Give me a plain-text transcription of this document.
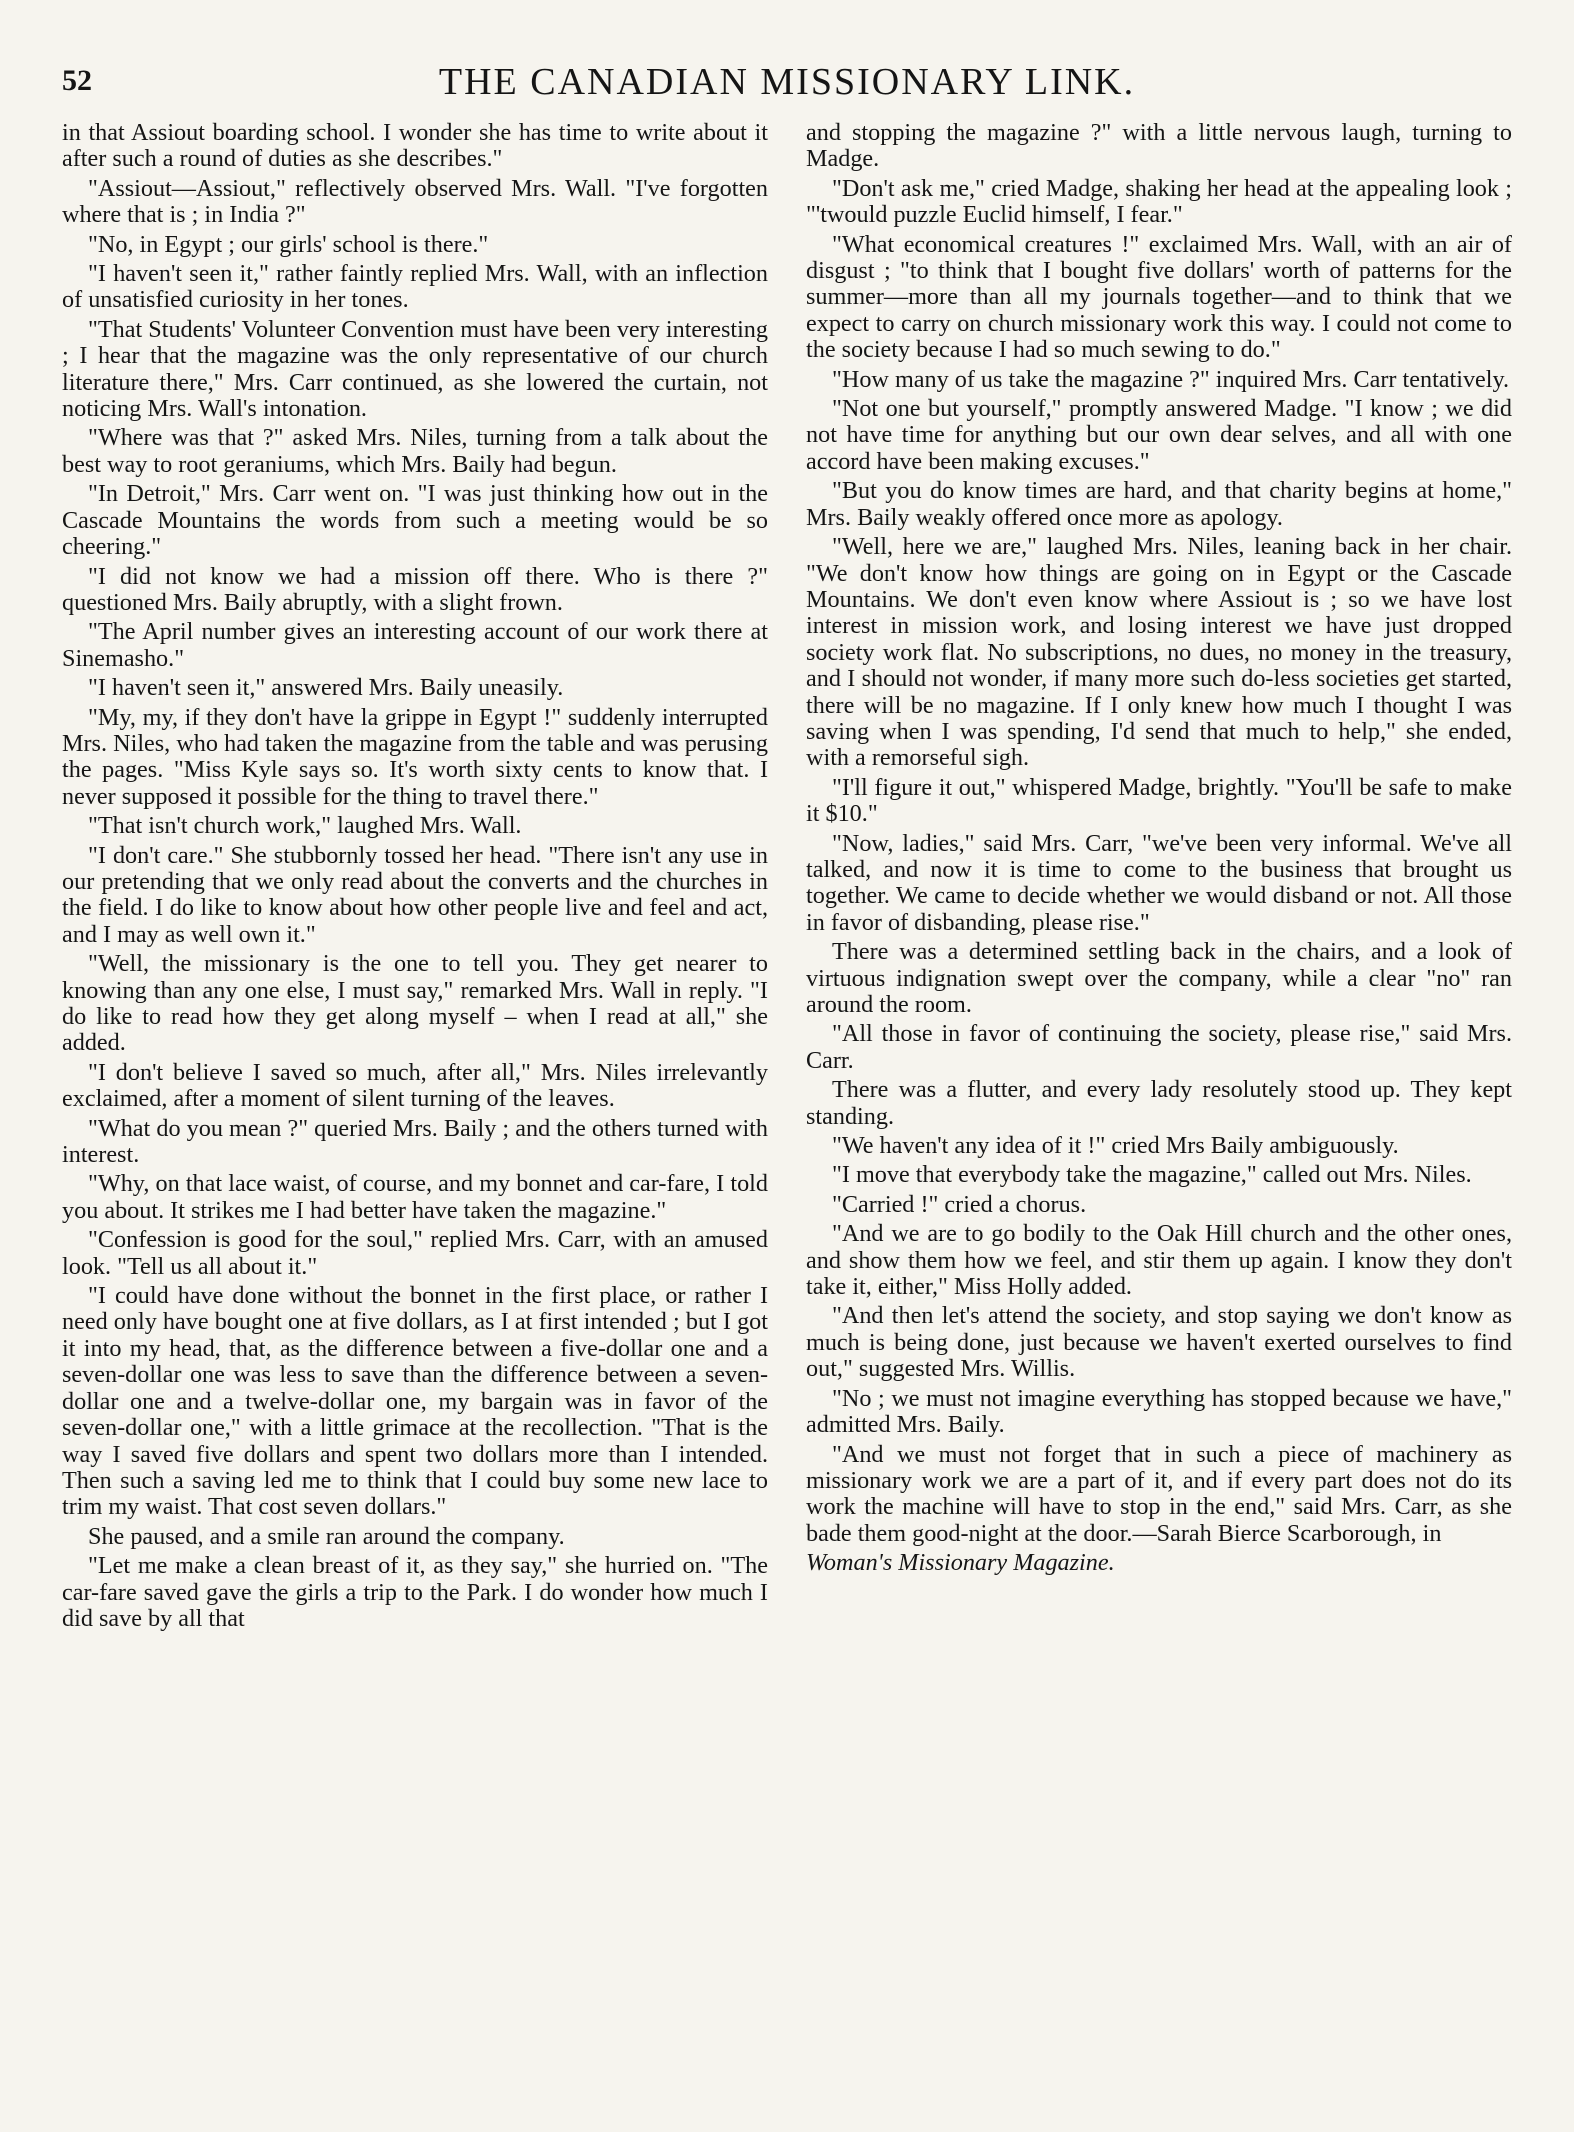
52	THE CANADIAN MISSIONARY LINK.

in that Assiout boarding school. I wonder she has time to write about it after such a round of duties as she describes."

"Assiout—Assiout," reflectively observed Mrs. Wall. "I've forgotten where that is ; in India ?"

"No, in Egypt ; our girls' school is there."

"I haven't seen it," rather faintly replied Mrs. Wall, with an inflection of unsatisfied curiosity in her tones.

"That Students' Volunteer Convention must have been very interesting ; I hear that the magazine was the only representative of our church literature there," Mrs. Carr continued, as she lowered the curtain, not noticing Mrs. Wall's intonation.

"Where was that ?" asked Mrs. Niles, turning from a talk about the best way to root geraniums, which Mrs. Baily had begun.

"In Detroit," Mrs. Carr went on. "I was just thinking how out in the Cascade Mountains the words from such a meeting would be so cheering."

"I did not know we had a mission off there. Who is there ?" questioned Mrs. Baily abruptly, with a slight frown.

"The April number gives an interesting account of our work there at Sinemasho."

"I haven't seen it," answered Mrs. Baily uneasily.

"My, my, if they don't have la grippe in Egypt !" suddenly interrupted Mrs. Niles, who had taken the magazine from the table and was perusing the pages. "Miss Kyle says so. It's worth sixty cents to know that. I never supposed it possible for the thing to travel there."

"That isn't church work," laughed Mrs. Wall.

"I don't care." She stubbornly tossed her head. "There isn't any use in our pretending that we only read about the converts and the churches in the field. I do like to know about how other people live and feel and act, and I may as well own it."

"Well, the missionary is the one to tell you. They get nearer to knowing than any one else, I must say," remarked Mrs. Wall in reply. "I do like to read how they get along myself – when I read at all," she added.

"I don't believe I saved so much, after all," Mrs. Niles irrelevantly exclaimed, after a moment of silent turning of the leaves.

"What do you mean ?" queried Mrs. Baily ; and the others turned with interest.

"Why, on that lace waist, of course, and my bonnet and car-fare, I told you about. It strikes me I had better have taken the magazine."

"Confession is good for the soul," replied Mrs. Carr, with an amused look. "Tell us all about it."

"I could have done without the bonnet in the first place, or rather I need only have bought one at five dollars, as I at first intended ; but I got it into my head, that, as the difference between a five-dollar one and a seven-dollar one was less to save than the difference between a seven-dollar one and a twelve-dollar one, my bargain was in favor of the seven-dollar one," with a little grimace at the recollection. "That is the way I saved five dollars and spent two dollars more than I intended. Then such a saving led me to think that I could buy some new lace to trim my waist. That cost seven dollars."

She paused, and a smile ran around the company.

"Let me make a clean breast of it, as they say," she hurried on. "The car-fare saved gave the girls a trip to the Park. I do wonder how much I did save by all that

and stopping the magazine ?" with a little nervous laugh, turning to Madge.

"Don't ask me," cried Madge, shaking her head at the appealing look ; "'twould puzzle Euclid himself, I fear."

"What economical creatures !" exclaimed Mrs. Wall, with an air of disgust ; "to think that I bought five dollars' worth of patterns for the summer—more than all my journals together—and to think that we expect to carry on church missionary work this way. I could not come to the society because I had so much sewing to do."

"How many of us take the magazine ?" inquired Mrs. Carr tentatively.

"Not one but yourself," promptly answered Madge. "I know ; we did not have time for anything but our own dear selves, and all with one accord have been making excuses."

"But you do know times are hard, and that charity begins at home," Mrs. Baily weakly offered once more as apology.

"Well, here we are," laughed Mrs. Niles, leaning back in her chair. "We don't know how things are going on in Egypt or the Cascade Mountains. We don't even know where Assiout is ; so we have lost interest in mission work, and losing interest we have just dropped society work flat. No subscriptions, no dues, no money in the treasury, and I should not wonder, if many more such do-less societies get started, there will be no magazine. If I only knew how much I thought I was saving when I was spending, I'd send that much to help," she ended, with a remorseful sigh.

"I'll figure it out," whispered Madge, brightly. "You'll be safe to make it $10."

"Now, ladies," said Mrs. Carr, "we've been very informal. We've all talked, and now it is time to come to the business that brought us together. We came to decide whether we would disband or not. All those in favor of disbanding, please rise."

There was a determined settling back in the chairs, and a look of virtuous indignation swept over the company, while a clear "no" ran around the room.

"All those in favor of continuing the society, please rise," said Mrs. Carr.

There was a flutter, and every lady resolutely stood up. They kept standing.

"We haven't any idea of it !" cried Mrs Baily ambiguously.

"I move that everybody take the magazine," called out Mrs. Niles.

"Carried !" cried a chorus.

"And we are to go bodily to the Oak Hill church and the other ones, and show them how we feel, and stir them up again. I know they don't take it, either," Miss Holly added.

"And then let's attend the society, and stop saying we don't know as much is being done, just because we haven't exerted ourselves to find out," suggested Mrs. Willis.

"No ; we must not imagine everything has stopped because we have," admitted Mrs. Baily.

"And we must not forget that in such a piece of machinery as missionary work we are a part of it, and if every part does not do its work the machine will have to stop in the end," said Mrs. Carr, as she bade them good-night at the door.—Sarah Bierce Scarborough, in

Woman's Missionary Magazine.
